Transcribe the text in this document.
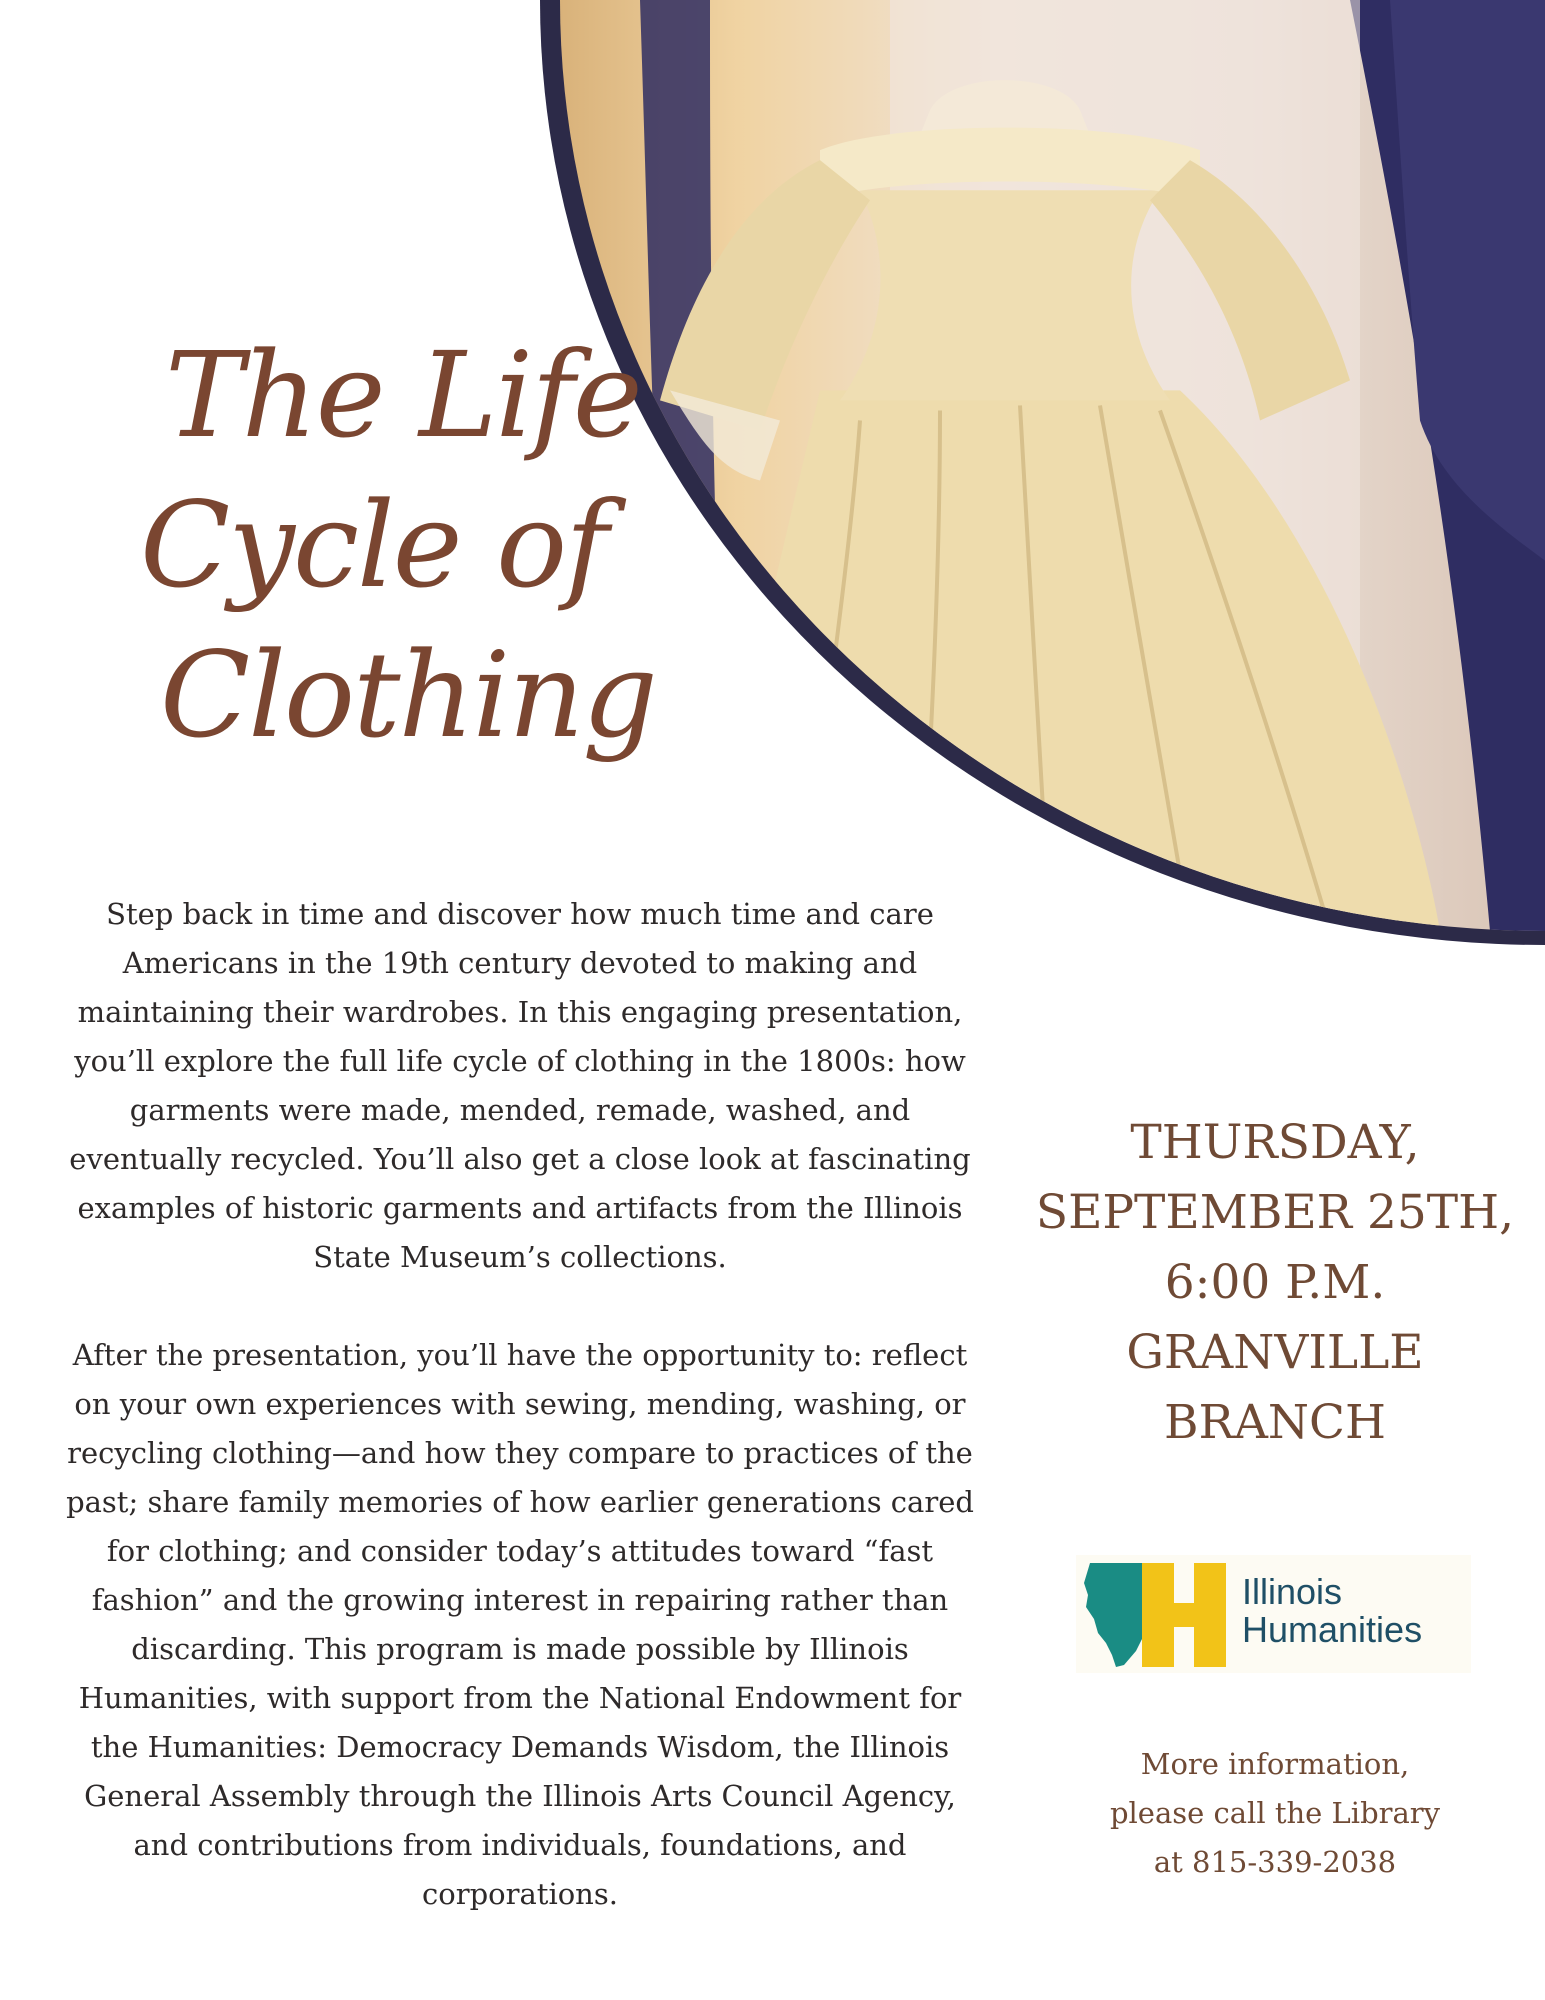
The Life
Cycle of
Clothing

Step back in time and discover how much time and care Americans in the 19th century devoted to making and maintaining their wardrobes. In this engaging presentation, you’ll explore the full life cycle of clothing in the 1800s: how garments were made, mended, remade, washed, and eventually recycled. You’ll also get a close look at fascinating examples of historic garments and artifacts from the Illinois State Museum’s collections.

After the presentation, you’ll have the opportunity to: reflect on your own experiences with sewing, mending, washing, or recycling clothing—and how they compare to practices of the past; share family memories of how earlier generations cared for clothing; and consider today’s attitudes toward “fast fashion” and the growing interest in repairing rather than discarding. This program is made possible by Illinois Humanities, with support from the National Endowment for the Humanities: Democracy Demands Wisdom, the Illinois General Assembly through the Illinois Arts Council Agency, and contributions from individuals, foundations, and corporations.

THURSDAY,
SEPTEMBER 25TH,
6:00 P.M.
GRANVILLE
BRANCH
Illinois
Humanities
More information,
please call the Library
at 815-339-2038
